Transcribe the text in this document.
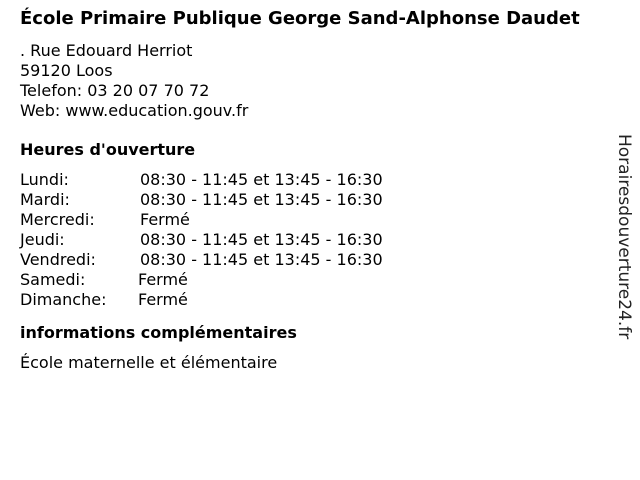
École Primaire Publique George Sand-Alphonse Daudet
. Rue Edouard Herriot
59120 Loos
Telefon: 03 20 07 70 72
Web: www.education.gouv.fr
Heures d'ouverture
Lundi:	08:30 - 11:45 et 13:45 - 16:30
Mardi:	08:30 - 11:45 et 13:45 - 16:30
Mercredi:	Fermé
Jeudi:	08:30 - 11:45 et 13:45 - 16:30
Vendredi:	08:30 - 11:45 et 13:45 - 16:30
Samedi:	Fermé
Dimanche:	Fermé
informations complémentaires
École maternelle et élémentaire
Horairesdouverture24.fr
